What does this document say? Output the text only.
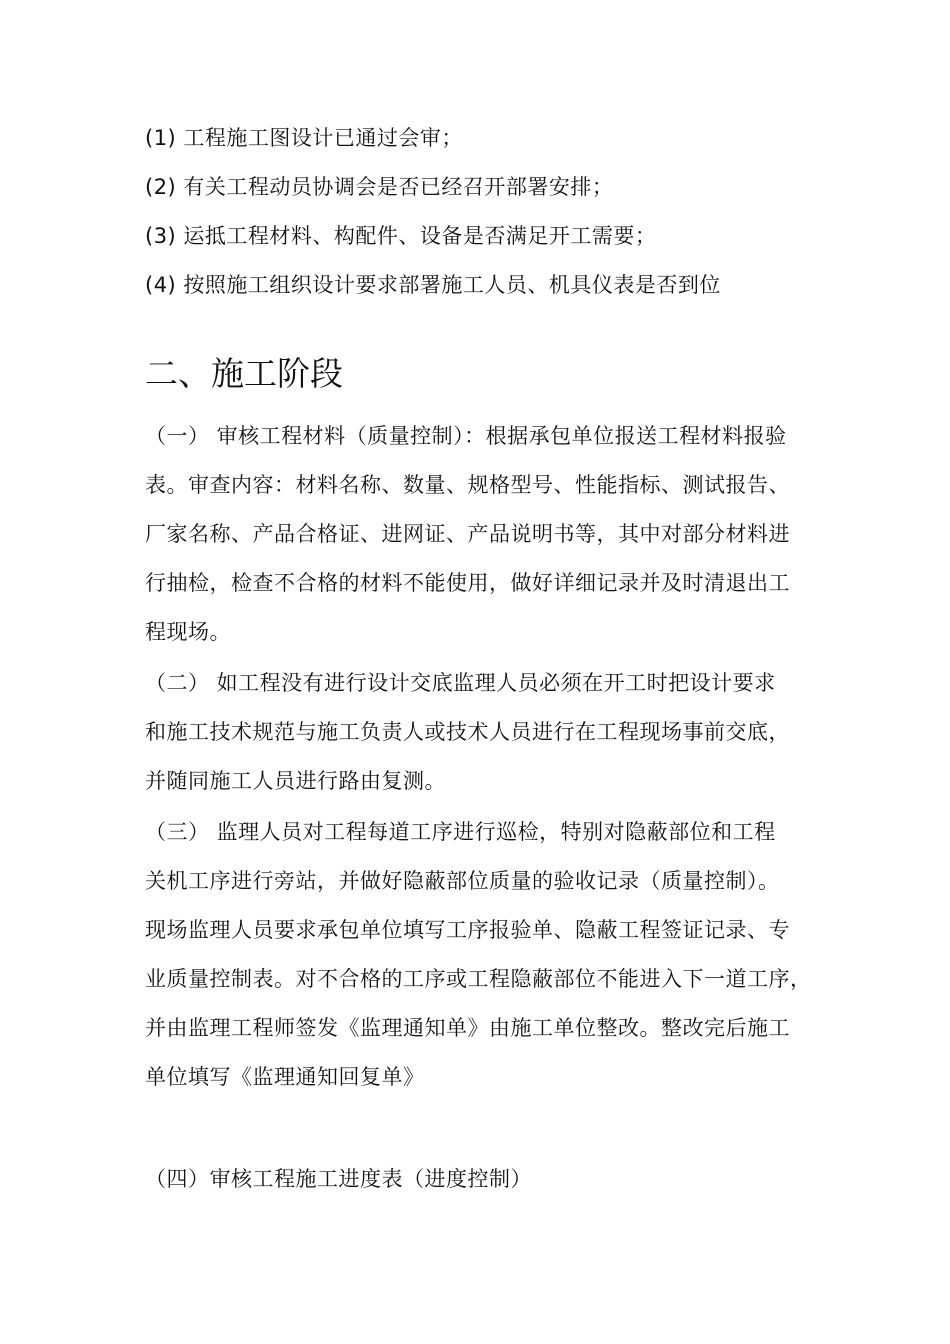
(1) 工程施工图设计已通过会审；
(2) 有关工程动员协调会是否已经召开部署安排；
(3) 运抵工程材料、构配件、设备是否满足开工需要；
(4) 按照施工组织设计要求部署施工人员、机具仪表是否到位
二、施工阶段
（一） 审核工程材料（质量控制）：根据承包单位报送工程材料报验
表。审查内容：材料名称、数量、规格型号、性能指标、测试报告、
厂家名称、产品合格证、进网证、产品说明书等，其中对部分材料进
行抽检，检查不合格的材料不能使用，做好详细记录并及时清退出工
程现场。
（二） 如工程没有进行设计交底监理人员必须在开工时把设计要求
和施工技术规范与施工负责人或技术人员进行在工程现场事前交底，
并随同施工人员进行路由复测。
（三） 监理人员对工程每道工序进行巡检，特别对隐蔽部位和工程
关机工序进行旁站，并做好隐蔽部位质量的验收记录（质量控制）。
现场监理人员要求承包单位填写工序报验单、隐蔽工程签证记录、专
业质量控制表。对不合格的工序或工程隐蔽部位不能进入下一道工序，
并由监理工程师签发《监理通知单》由施工单位整改。整改完后施工
单位填写《监理通知回复单》
（四）审核工程施工进度表（进度控制）
